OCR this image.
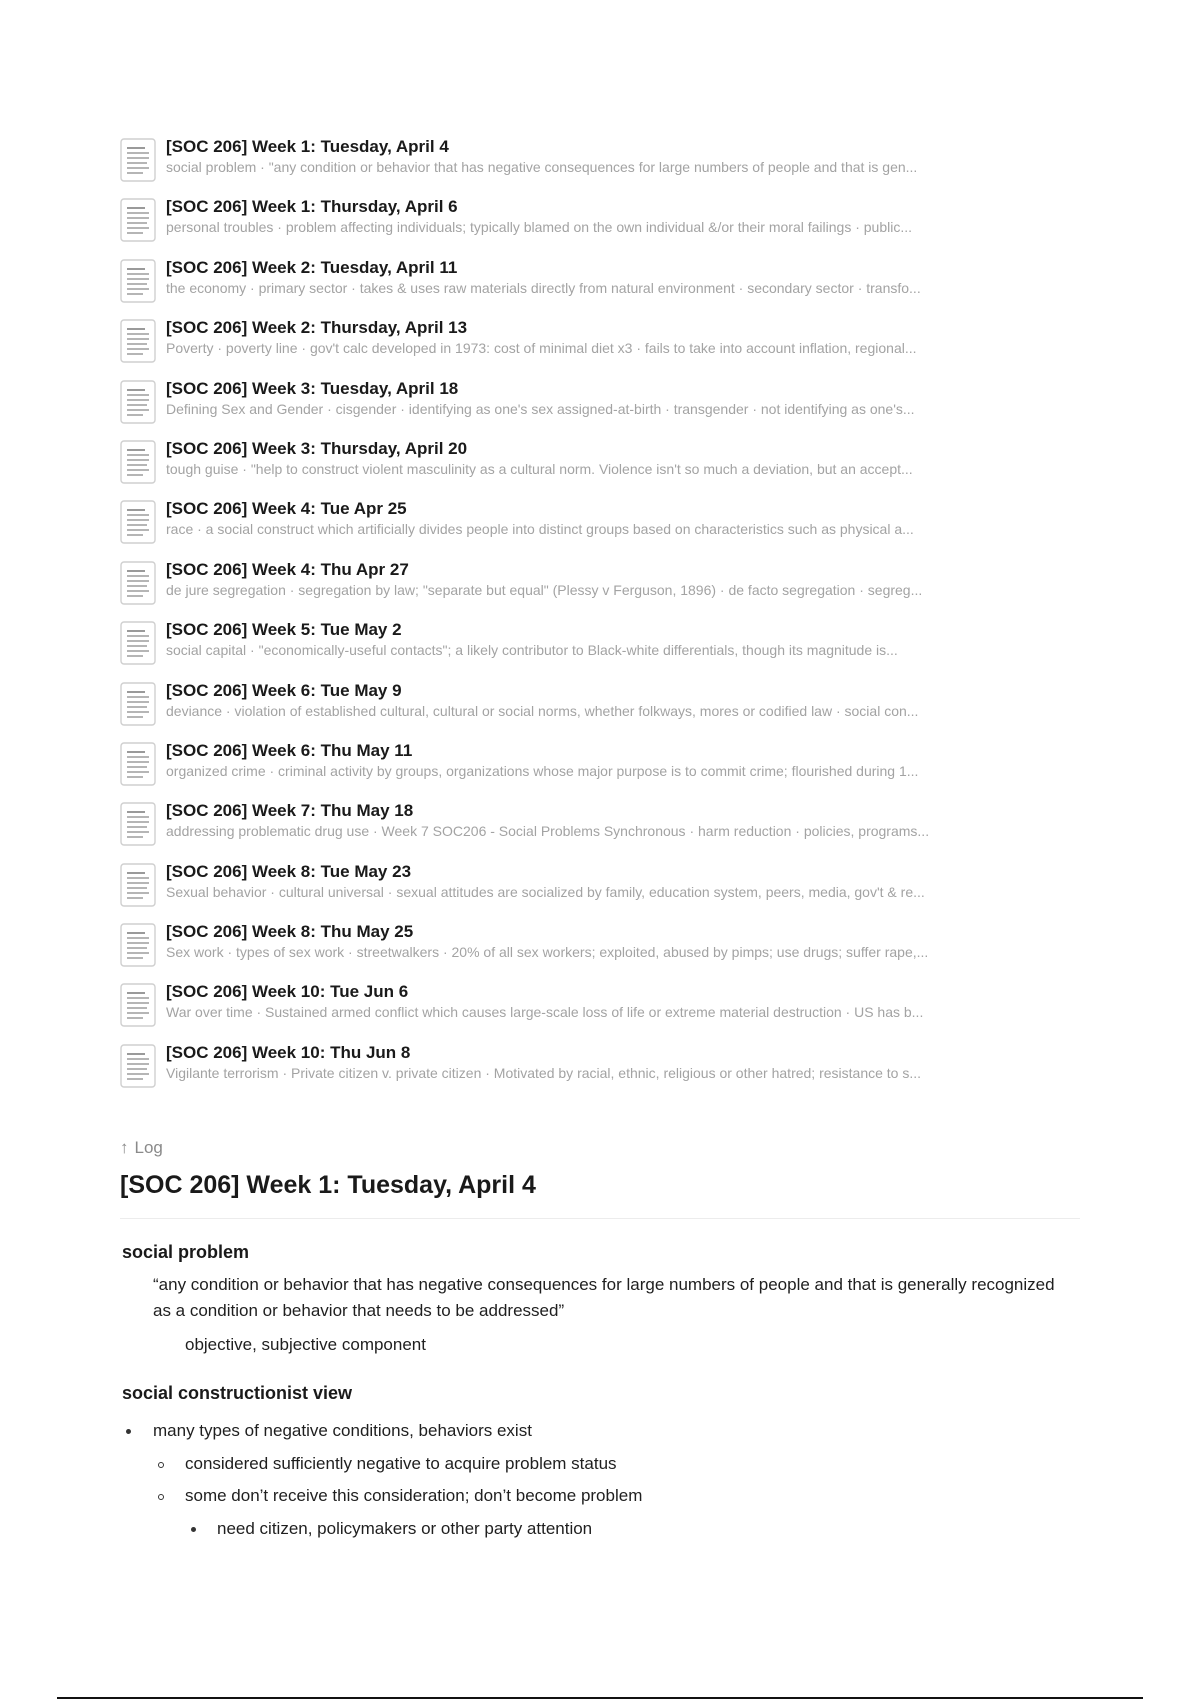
[SOC 206] Week 1: Tuesday, April 4
social problem · "any condition or behavior that has negative consequences for large numbers of people and that is gen...
[SOC 206] Week 1: Thursday, April 6
personal troubles · problem affecting individuals; typically blamed on the own individual &/or their moral failings · public...
[SOC 206] Week 2: Tuesday, April 11
the economy · primary sector · takes & uses raw materials directly from natural environment · secondary sector · transfo...
[SOC 206] Week 2: Thursday, April 13
Poverty · poverty line · gov't calc developed in 1973: cost of minimal diet x3 · fails to take into account inflation, regional...
[SOC 206] Week 3: Tuesday, April 18
Defining Sex and Gender · cisgender · identifying as one's sex assigned-at-birth · transgender · not identifying as one's...
[SOC 206] Week 3: Thursday, April 20
tough guise · "help to construct violent masculinity as a cultural norm. Violence isn't so much a deviation, but an accept...
[SOC 206] Week 4: Tue Apr 25
race · a social construct which artificially divides people into distinct groups based on characteristics such as physical a...
[SOC 206] Week 4: Thu Apr 27
de jure segregation · segregation by law; "separate but equal" (Plessy v Ferguson, 1896) · de facto segregation · segreg...
[SOC 206] Week 5: Tue May 2
social capital · "economically-useful contacts"; a likely contributor to Black-white differentials, though its magnitude is...
[SOC 206] Week 6: Tue May 9
deviance · violation of established cultural, cultural or social norms, whether folkways, mores or codified law · social con...
[SOC 206] Week 6: Thu May 11
organized crime · criminal activity by groups, organizations whose major purpose is to commit crime; flourished during 1...
[SOC 206] Week 7: Thu May 18
addressing problematic drug use · Week 7 SOC206 - Social Problems Synchronous · harm reduction · policies, programs...
[SOC 206] Week 8: Tue May 23
Sexual behavior · cultural universal · sexual attitudes are socialized by family, education system, peers, media, gov't & re...
[SOC 206] Week 8: Thu May 25
Sex work · types of sex work · streetwalkers · 20% of all sex workers; exploited, abused by pimps; use drugs; suffer rape,...
[SOC 206] Week 10: Tue Jun 6
War over time · Sustained armed conflict which causes large-scale loss of life or extreme material destruction · US has b...
[SOC 206] Week 10: Thu Jun 8
Vigilante terrorism · Private citizen v. private citizen · Motivated by racial, ethnic, religious or other hatred; resistance to s...
↑ Log
[SOC 206] Week 1: Tuesday, April 4
social problem
“any condition or behavior that has negative consequences for large numbers of people and that is generally recognized as a condition or behavior that needs to be addressed”
objective, subjective component
social constructionist view
many types of negative conditions, behaviors exist
considered sufficiently negative to acquire problem status
some don’t receive this consideration; don’t become problem
need citizen, policymakers or other party attention
